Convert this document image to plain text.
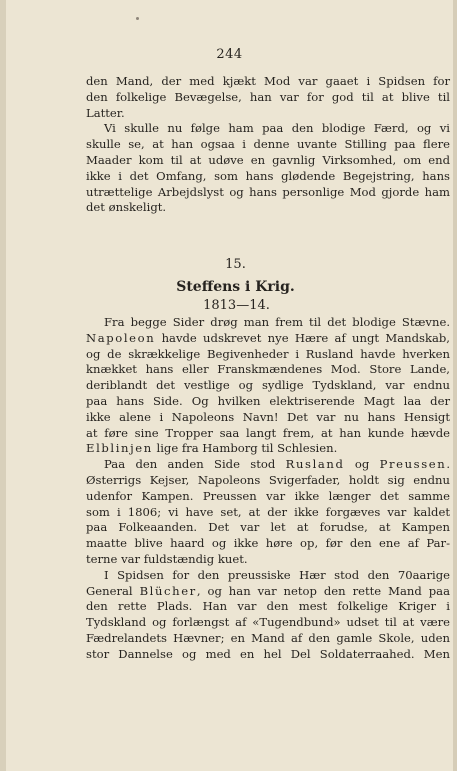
244
den Mand, der med kjækt Mod var gaaet i Spidsen for
den folkelige Bevægelse, han var for god til at blive til
Latter.
Vi skulle nu følge ham paa den blodige Færd, og vi
skulle se, at han ogsaa i denne uvante Stilling paa flere
Maader kom til at udøve en gavnlig Virksomhed, om end
ikke i det Omfang, som hans glødende Begejstring, hans
utrættelige Arbejdslyst og hans personlige Mod gjorde ham
det ønskeligt.
15.
Steffens i Krig.
1813—14.
Fra begge Sider drøg man frem til det blodige Stævne.
Napoleon havde udskrevet nye Hære af ungt Mandskab,
og de skrækkelige Begivenheder i Rusland havde hverken
knækket hans eller Franskmændenes Mod. Store Lande,
deriblandt det vestlige og sydlige Tydskland, var endnu
paa hans Side. Og hvilken elektriserende Magt laa der
ikke alene i Napoleons Navn! Det var nu hans Hensigt
at føre sine Tropper saa langt frem, at han kunde hævde
Elblinjen lige fra Hamborg til Schlesien.
Paa den anden Side stod Rusland og Preussen.
Østerrigs Kejser, Napoleons Svigerfader, holdt sig endnu
udenfor Kampen. Preussen var ikke længer det samme
som i 1806; vi have set, at der ikke forgæves var kaldet
paa Folkeaanden. Det var let at forudse, at Kampen
maatte blive haard og ikke høre op, før den ene af Par-
terne var fuldstændig kuet.
I Spidsen for den preussiske Hær stod den 70aarige
General Blücher, og han var netop den rette Mand paa
den rette Plads. Han var den mest folkelige Kriger i
Tydskland og forlængst af «Tugendbund» udset til at være
Fædrelandets Hævner; en Mand af den gamle Skole, uden
stor Dannelse og med en hel Del Soldaterraahed. Men
